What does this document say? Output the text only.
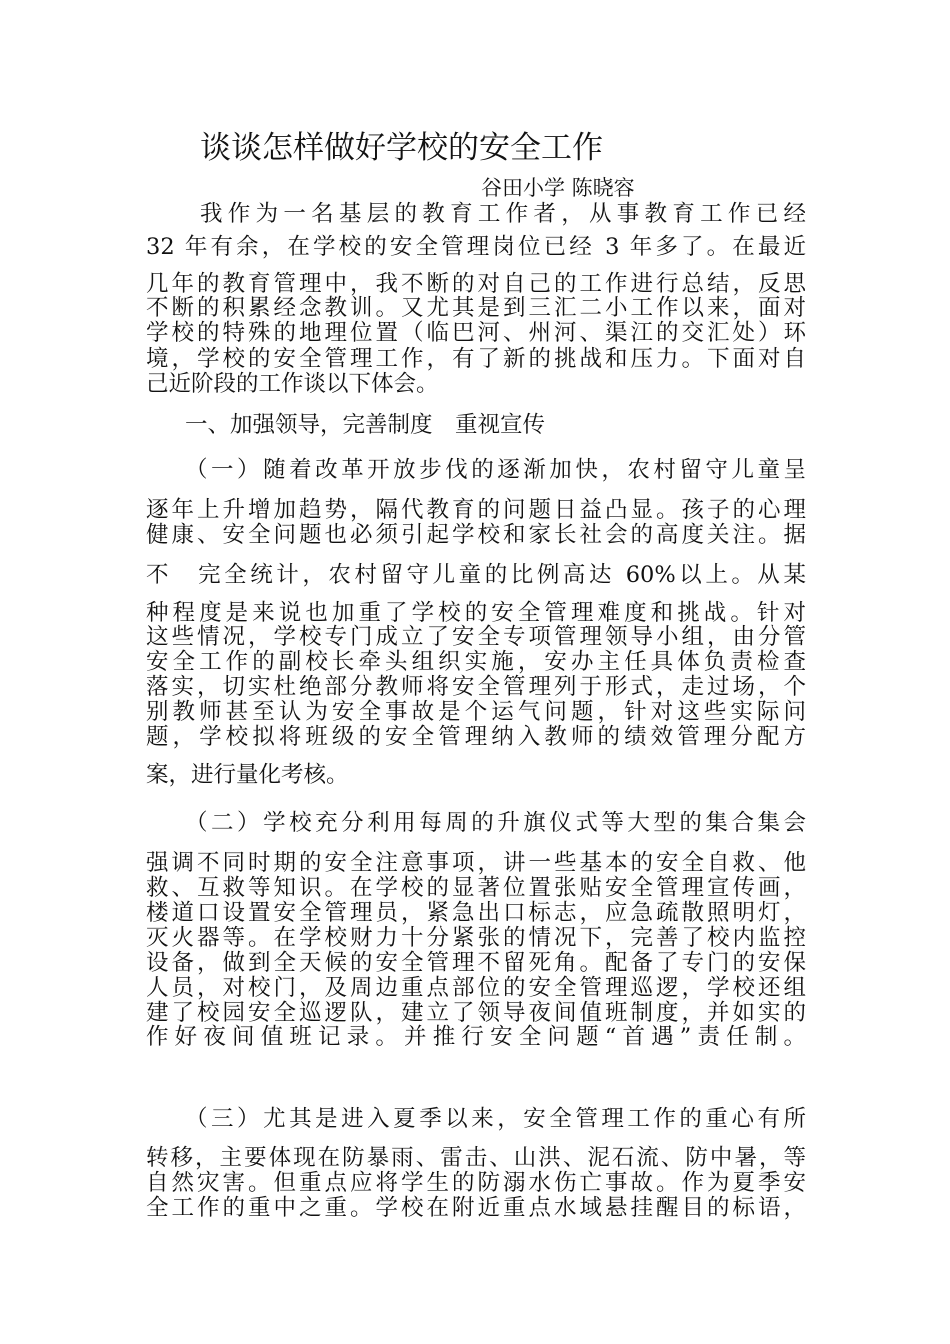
谈谈怎样做好学校的安全工作
谷田小学 陈晓容
我作为一名基层的教育工作者，从事教育工作已经
32 年有余，在学校的安全管理岗位已经 3 年多了。在最近
几年的教育管理中，我不断的对自己的工作进行总结，反思
不断的积累经念教训。又尤其是到三汇二小工作以来，面对
学校的特殊的地理位置（临巴河、州河、渠江的交汇处）环
境，学校的安全管理工作，有了新的挑战和压力。下面对自
己近阶段的工作谈以下体会。
一、加强领导，完善制度　重视宣传
（一）随着改革开放步伐的逐渐加快，农村留守儿童呈
逐年上升增加趋势，隔代教育的问题日益凸显。孩子的心理
健康、安全问题也必须引起学校和家长社会的高度关注。据
不　完全统计，农村留守儿童的比例高达 60%以上。从某
种程度是来说也加重了学校的安全管理难度和挑战。针对
这些情况，学校专门成立了安全专项管理领导小组，由分管
安全工作的副校长牵头组织实施，安办主任具体负责检查
落实，切实杜绝部分教师将安全管理列于形式，走过场，个
别教师甚至认为安全事故是个运气问题，针对这些实际问
题，学校拟将班级的安全管理纳入教师的绩效管理分配方
案，进行量化考核。
（二）学校充分利用每周的升旗仪式等大型的集合集会
强调不同时期的安全注意事项，讲一些基本的安全自救、他
救、互救等知识。在学校的显著位置张贴安全管理宣传画，
楼道口设置安全管理员，紧急出口标志，应急疏散照明灯，
灭火器等。在学校财力十分紧张的情况下，完善了校内监控
设备，做到全天候的安全管理不留死角。配备了专门的安保
人员，对校门，及周边重点部位的安全管理巡逻，学校还组
建了校园安全巡逻队，建立了领导夜间值班制度，并如实的
作好夜间值班记录。并推行安全问题“首遇”责任制。
（三）尤其是进入夏季以来，安全管理工作的重心有所
转移，主要体现在防暴雨、雷击、山洪、泥石流、防中暑，等
自然灾害。但重点应将学生的防溺水伤亡事故。作为夏季安
全工作的重中之重。学校在附近重点水域悬挂醒目的标语，
